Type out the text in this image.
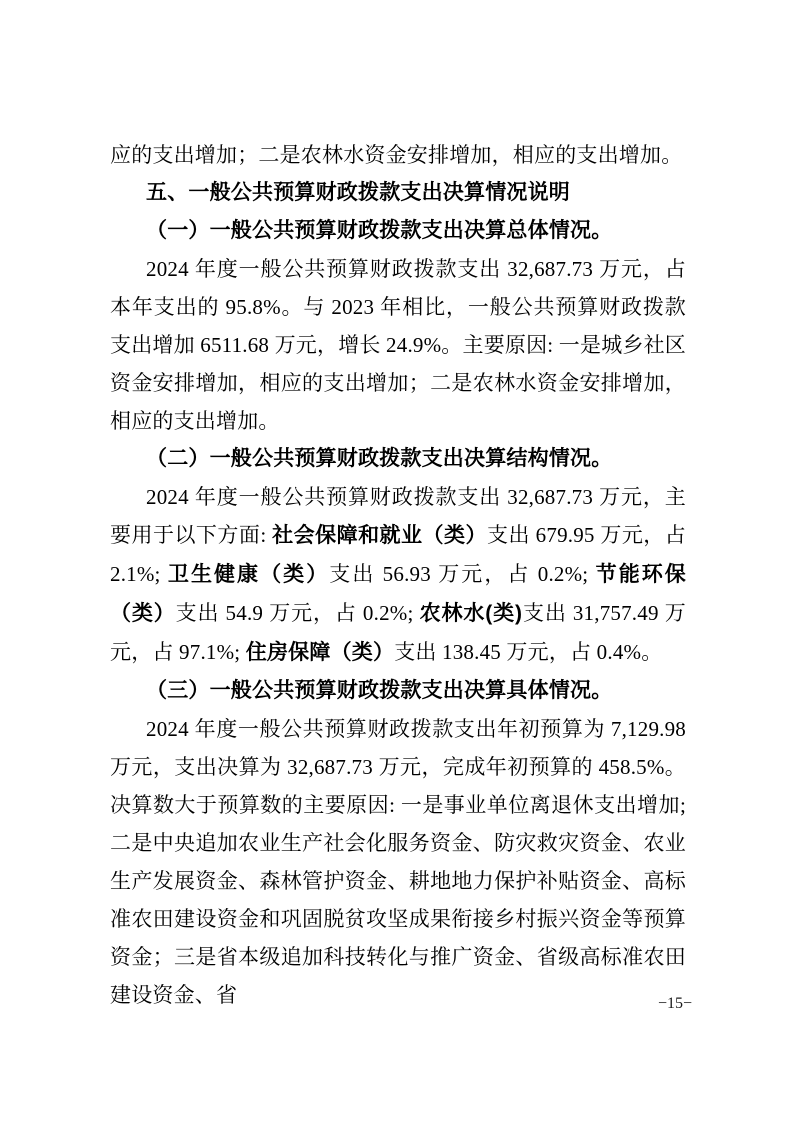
应的支出增加；二是农林水资金安排增加，相应的支出增加。

五、一般公共预算财政拨款支出决算情况说明

（一）一般公共预算财政拨款支出决算总体情况。

2024 年度一般公共预算财政拨款支出 32,687.73 万元，占本年支出的 95.8%。与 2023 年相比，一般公共预算财政拨款支出增加 6511.68 万元，增长 24.9%。主要原因: 一是城乡社区资金安排增加，相应的支出增加；二是农林水资金安排增加，相应的支出增加。

（二）一般公共预算财政拨款支出决算结构情况。

2024 年度一般公共预算财政拨款支出 32,687.73 万元，主要用于以下方面: 社会保障和就业（类）支出 679.95 万元，占 2.1%; 卫生健康（类）支出 56.93 万元，占 0.2%; 节能环保（类）支出 54.9 万元，占 0.2%; 农林水(类)支出 31,757.49 万元，占 97.1%; 住房保障（类）支出 138.45 万元，占 0.4%。

（三）一般公共预算财政拨款支出决算具体情况。

2024 年度一般公共预算财政拨款支出年初预算为 7,129.98 万元，支出决算为 32,687.73 万元，完成年初预算的 458.5%。决算数大于预算数的主要原因: 一是事业单位离退休支出增加; 二是中央追加农业生产社会化服务资金、防灾救灾资金、农业生产发展资金、森林管护资金、耕地地力保护补贴资金、高标准农田建设资金和巩固脱贫攻坚成果衔接乡村振兴资金等预算资金；三是省本级追加科技转化与推广资金、省级高标准农田建设资金、省	−15−
